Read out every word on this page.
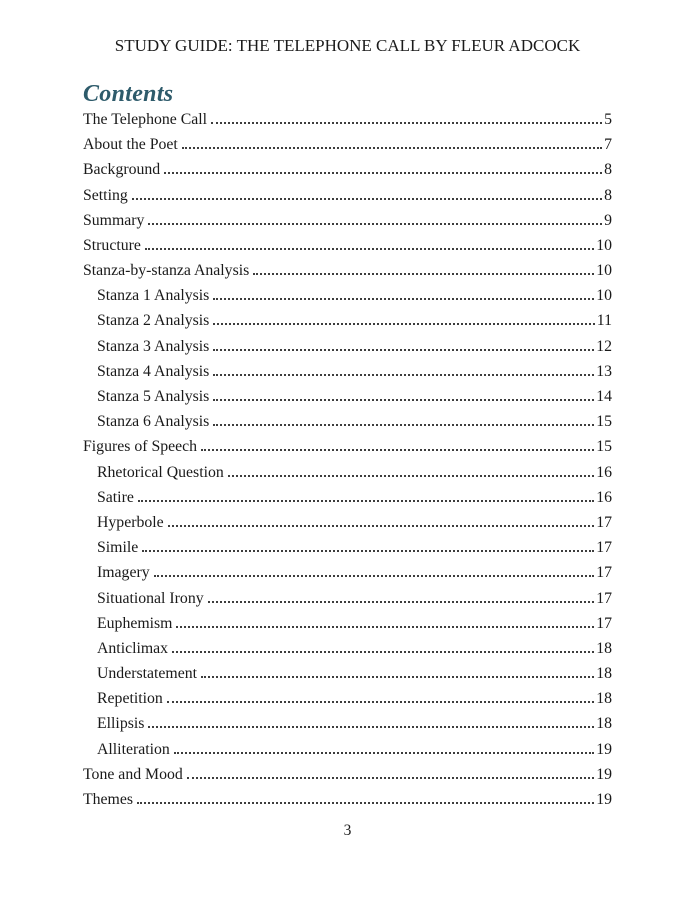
STUDY GUIDE: THE TELEPHONE CALL BY FLEUR ADCOCK
Contents
The Telephone Call	5
About the Poet	7
Background	8
Setting	8
Summary	9
Structure	10
Stanza-by-stanza Analysis	10
Stanza 1 Analysis	10
Stanza 2 Analysis	11
Stanza 3 Analysis	12
Stanza 4 Analysis	13
Stanza 5 Analysis	14
Stanza 6 Analysis	15
Figures of Speech	15
Rhetorical Question	16
Satire	16
Hyperbole	17
Simile	17
Imagery	17
Situational Irony	17
Euphemism	17
Anticlimax	18
Understatement	18
Repetition	18
Ellipsis	18
Alliteration	19
Tone and Mood	19
Themes	19
3
